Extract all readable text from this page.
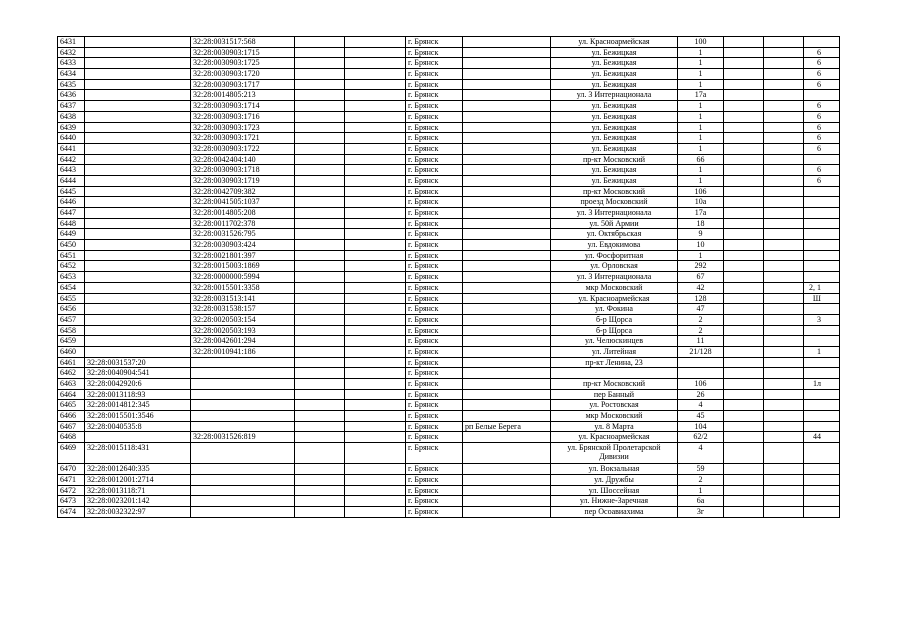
6431		32:28:0031517:568			г. Брянск		ул. Красноармейская	100			
6432		32:28:0030903:1715			г. Брянск		ул. Бежицкая	1			6
6433		32:28:0030903:1725			г. Брянск		ул. Бежицкая	1			6
6434		32:28:0030903:1720			г. Брянск		ул. Бежицкая	1			6
6435		32:28:0030903:1717			г. Брянск		ул. Бежицкая	1			6
6436		32:28:0014805:213			г. Брянск		ул. 3 Интернационала	17а			
6437		32:28:0030903:1714			г. Брянск		ул. Бежицкая	1			6
6438		32:28:0030903:1716			г. Брянск		ул. Бежицкая	1			6
6439		32:28:0030903:1723			г. Брянск		ул. Бежицкая	1			6
6440		32:28:0030903:1721			г. Брянск		ул. Бежицкая	1			6
6441		32:28:0030903:1722			г. Брянск		ул. Бежицкая	1			6
6442		32:28:0042404:140			г. Брянск		пр-кт Московский	66			
6443		32:28:0030903:1718			г. Брянск		ул. Бежицкая	1			6
6444		32:28:0030903:1719			г. Брянск		ул. Бежицкая	1			6
6445		32:28:0042709:382			г. Брянск		пр-кт Московский	106			
6446		32:28:0041505:1037			г. Брянск		проезд Московский	10а			
6447		32:28:0014805:208			г. Брянск		ул. 3 Интернационала	17а			
6448		32:28:0011702:378			г. Брянск		ул. 50й Армии	18			
6449		32:28:0031526:795			г. Брянск		ул. Октябрьская	9			
6450		32:28:0030903:424			г. Брянск		ул. Евдокимова	10			
6451		32:28:0021801:397			г. Брянск		ул. Фосфоритная	1			
6452		32:28:0015003:1869			г. Брянск		ул. Орловская	292			
6453		32:28:0000000:5994			г. Брянск		ул. 3 Интернационала	67			
6454		32:28:0015501:3358			г. Брянск		мкр Московский	42			2, 1
6455		32:28:0031513:141			г. Брянск		ул. Красноармейская	128			Ш
6456		32:28:0031538:157			г. Брянск		ул. Фокина	47			
6457		32:28:0020503:154			г. Брянск		б-р Щорса	2			3
6458		32:28:0020503:193			г. Брянск		б-р Щорса	2			
6459		32:28:0042601:294			г. Брянск		ул. Челюскинцев	11			
6460		32:28:0010941:186			г. Брянск		ул. Литейная	21/128			1
6461	32:28:0031537:20				г. Брянск		пр-кт Ленина, 23				
6462	32:28:0040904:541				г. Брянск						
6463	32:28:0042920:6				г. Брянск		пр-кт Московский	106			1л
6464	32:28:0013118:93				г. Брянск		пер Банный	26			
6465	32:28:0014812:345				г. Брянск		ул. Ростовская	4			
6466	32:28:0015501:3546				г. Брянск		мкр Московский	45			
6467	32:28:0040535:8				г. Брянск	рп Белые Берега	ул. 8 Марта	104			
6468		32:28:0031526:819			г. Брянск		ул. Красноармейская	62/2			44
6469	32:28:0015118:431				г. Брянск		ул. Брянской Пролетарской Дивизии	4			
6470	32:28:0012640:335				г. Брянск		ул. Вокзальная	59			
6471	32:28:0012001:2714				г. Брянск		ул. Дружбы	2			
6472	32:28:0013118:71				г. Брянск		ул. Шоссейная	1			
6473	32:28:0023201:142				г. Брянск		ул. Нижне-Заречная	6а			
6474	32:28:0032322:97				г. Брянск		пер Осоавиахима	3г			
